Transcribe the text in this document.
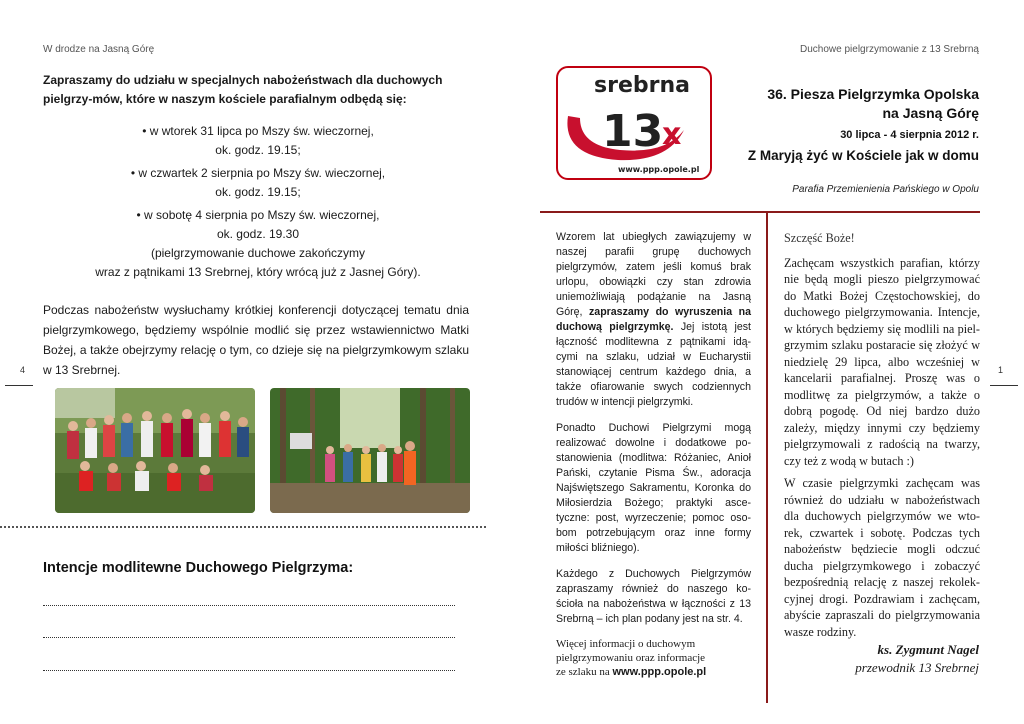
W drodze na Jasną Górę	Duchowe pielgrzymowanie z 13 Srebrną
4	1

Zapraszamy do udziału w specjalnych nabożeństwach dla duchowych pielgrzy-mów, które w naszym kościele parafialnym odbędą się:

• w wtorek 31 lipca po Mszy św. wieczornej,
ok. godz. 19.15;
• w czwartek 2 sierpnia po Mszy św. wieczornej,
ok. godz. 19.15;
• w sobotę 4 sierpnia po Mszy św. wieczornej,
ok. godz. 19.30
(pielgrzymowanie duchowe zakończymy
wraz z pątnikami 13 Srebrnej, który wrócą już z Jasnej Góry).

Podczas nabożeństw wysłuchamy krótkiej konferencji dotyczącej tematu dnia pielgrzymkowego, będziemy wspólnie modlić się przez wstawiennictwo Matki Bożej, a także obejrzymy relację o tym, co dzieje się na pielgrzymkowym szlaku w 13 Srebrnej.

Intencje modlitewne Duchowego Pielgrzyma:
srebrna
13
x
www.ppp.opole.pl
36. Piesza Pielgrzymka Opolska
na Jasną Górę
30 lipca - 4 sierpnia 2012 r.
Z Maryją żyć w Kościele jak w domu
Parafia Przemienienia Pańskiego w Opolu

Wzorem lat ubiegłych zawiązujemy w naszej parafii grupę duchowych pielgrzymów, zatem jeśli komuś brak urlopu, obowiązki czy stan zdrowia uniemożliwiają podążanie na Jasną Górę, zapraszamy do wyruszenia na duchową pielgrzymkę. Jej istotą jest łączność modlitewna z pątnikami idą-cymi na szlaku, udział w Eucharystii stanowiącej centrum każdego dnia, a także ofiarowanie swych codziennych trudów w intencji pielgrzymki.

Ponadto Duchowi Pielgrzymi mogą realizować dowolne i dodatkowe po-stanowienia (modlitwa: Różaniec, Anioł Pański, czytanie Pisma Św., adoracja Najświętszego Sakramentu, Koronka do Miłosierdzia Bożego; praktyki asce-tyczne: post, wyrzeczenie; pomoc oso-bom potrzebującym oraz inne formy miłości bliźniego).

Każdego z Duchowych Pielgrzymów zapraszamy również do naszego ko-ścioła na nabożeństwa w łączności z 13 Srebrną – ich plan podany jest na str. 4.

Więcej informacji o duchowym
pielgrzymowaniu oraz informacje
ze szlaku na www.ppp.opole.pl

Szczęść Boże!

Zachęcam wszystkich parafian, którzy nie będą mogli pieszo pielgrzymować do Matki Bożej Częstochowskiej, do duchowego pielgrzymowania. Intencje, w których będziemy się modlili na piel-grzymim szlaku postaracie się złożyć w niedzielę 29 lipca, albo wcześniej w kancelarii parafialnej. Proszę was o modlitwę za pielgrzymów, a także o dobrą pogodę. Od niej bardzo dużo zależy, między innymi czy będziemy pielgrzymowali z radością na twarzy, czy też z wodą w butach :)

W czasie pielgrzymki zachęcam was również do udziału w nabożeństwach dla duchowych pielgrzymów we wto-rek, czwartek i sobotę. Podczas tych nabożeństw będziecie mogli odczuć ducha pielgrzymkowego i zobaczyć bezpośrednią relację z naszej rekolek-cyjnej drogi. Pozdrawiam i zachęcam, abyście zapraszali do pielgrzymowania wasze rodziny.

ks. Zygmunt Nagel
przewodnik 13 Srebrnej
